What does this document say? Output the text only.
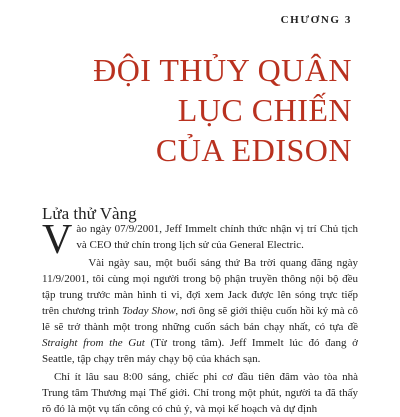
CHƯƠNG 3
ĐỘI THỦY QUÂN
LỤC CHIẾN
CỦA EDISON
Lửa thử Vàng

Vào ngày 07/9/2001, Jeff Immelt chính thức nhận vị trí Chủ tịch và CEO thứ chín trong lịch sử của General Electric.

Vài ngày sau, một buổi sáng thứ Ba trời quang đãng ngày 11/9/2001, tôi cùng mọi người trong bộ phận truyền thông nội bộ đều tập trung trước màn hình ti vi, đợi xem Jack được lên sóng trực tiếp trên chương trình Today Show, nơi ông sẽ giới thiệu cuốn hồi ký mà cô lẽ sẽ trở thành một trong những cuốn sách bán chạy nhất, có tựa đề Straight from the Gut (Từ trong tâm). Jeff Immelt lúc đó đang ở Seattle, tập chạy trên máy chạy bộ của khách sạn.

Chỉ ít lâu sau 8:00 sáng, chiếc phi cơ đầu tiên đâm vào tòa nhà Trung tâm Thương mại Thế giới. Chỉ trong một phút, người ta đã thấy rõ đó là một vụ tấn công có chủ ý, và mọi kế hoạch và dự định
